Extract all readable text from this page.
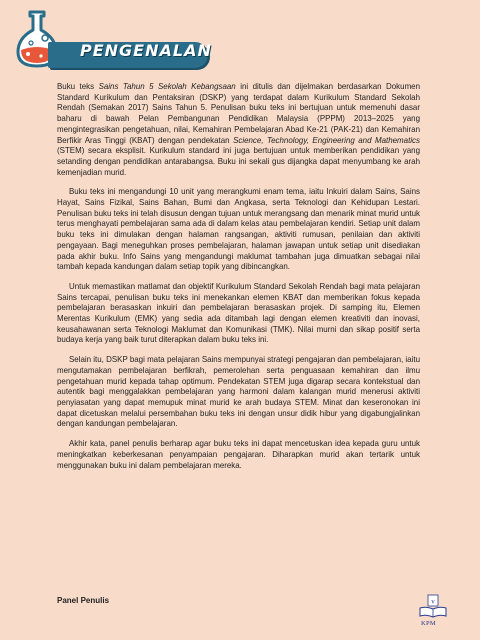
PENGENALAN

Buku teks Sains Tahun 5 Sekolah Kebangsaan ini ditulis dan dijelmakan berdasarkan Dokumen Standard Kurikulum dan Pentaksiran (DSKP) yang terdapat dalam Kurikulum Standard Sekolah Rendah (Semakan 2017) Sains Tahun 5. Penulisan buku teks ini bertujuan untuk memenuhi dasar baharu di bawah Pelan Pembangunan Pendidikan Malaysia (PPPM) 2013–2025 yang mengintegrasikan pengetahuan, nilai, Kemahiran Pembelajaran Abad Ke-21 (PAK-21) dan Kemahiran Berfikir Aras Tinggi (KBAT) dengan pendekatan Science, Technology, Engineering and Mathematics (STEM) secara eksplisit. Kurikulum standard ini juga bertujuan untuk memberikan pendidikan yang setanding dengan pendidikan antarabangsa. Buku ini sekali gus dijangka dapat menyumbang ke arah kemenjadian murid.

Buku teks ini mengandungi 10 unit yang merangkumi enam tema, iaitu Inkuiri dalam Sains, Sains Hayat, Sains Fizikal, Sains Bahan, Bumi dan Angkasa, serta Teknologi dan Kehidupan Lestari. Penulisan buku teks ini telah disusun dengan tujuan untuk merangsang dan menarik minat murid untuk terus menghayati pembelajaran sama ada di dalam kelas atau pembelajaran kendiri. Setiap unit dalam buku teks ini dimulakan dengan halaman rangsangan, aktiviti rumusan, penilaian dan aktiviti pengayaan. Bagi meneguhkan proses pembelajaran, halaman jawapan untuk setiap unit disediakan pada akhir buku. Info Sains yang mengandungi maklumat tambahan juga dimuatkan sebagai nilai tambah kepada kandungan dalam setiap topik yang dibincangkan.

Untuk memastikan matlamat dan objektif Kurikulum Standard Sekolah Rendah bagi mata pelajaran Sains tercapai, penulisan buku teks ini menekankan elemen KBAT dan memberikan fokus kepada pembelajaran berasaskan inkuiri dan pembelajaran berasaskan projek. Di samping itu, Elemen Merentas Kurikulum (EMK) yang sedia ada ditambah lagi dengan elemen kreativiti dan inovasi, keusahawanan serta Teknologi Maklumat dan Komunikasi (TMK). Nilai murni dan sikap positif serta budaya kerja yang baik turut diterapkan dalam buku teks ini.

Selain itu, DSKP bagi mata pelajaran Sains mempunyai strategi pengajaran dan pembelajaran, iaitu mengutamakan pembelajaran berfikrah, pemerolehan serta penguasaan kemahiran dan ilmu pengetahuan murid kepada tahap optimum. Pendekatan STEM juga digarap secara kontekstual dan autentik bagi menggalakkan pembelajaran yang harmoni dalam kalangan murid menerusi aktiviti penyiasatan yang dapat memupuk minat murid ke arah budaya STEM. Minat dan keseronokan ini dapat dicetuskan melalui persembahan buku teks ini dengan unsur didik hibur yang digabungjalinkan dengan kandungan pembelajaran.

Akhir kata, panel penulis berharap agar buku teks ini dapat mencetuskan idea kepada guru untuk meningkatkan keberkesanan penyampaian pengajaran. Diharapkan murid akan tertarik untuk menggunakan buku ini dalam pembelajaran mereka.

Panel Penulis	v
KPM
